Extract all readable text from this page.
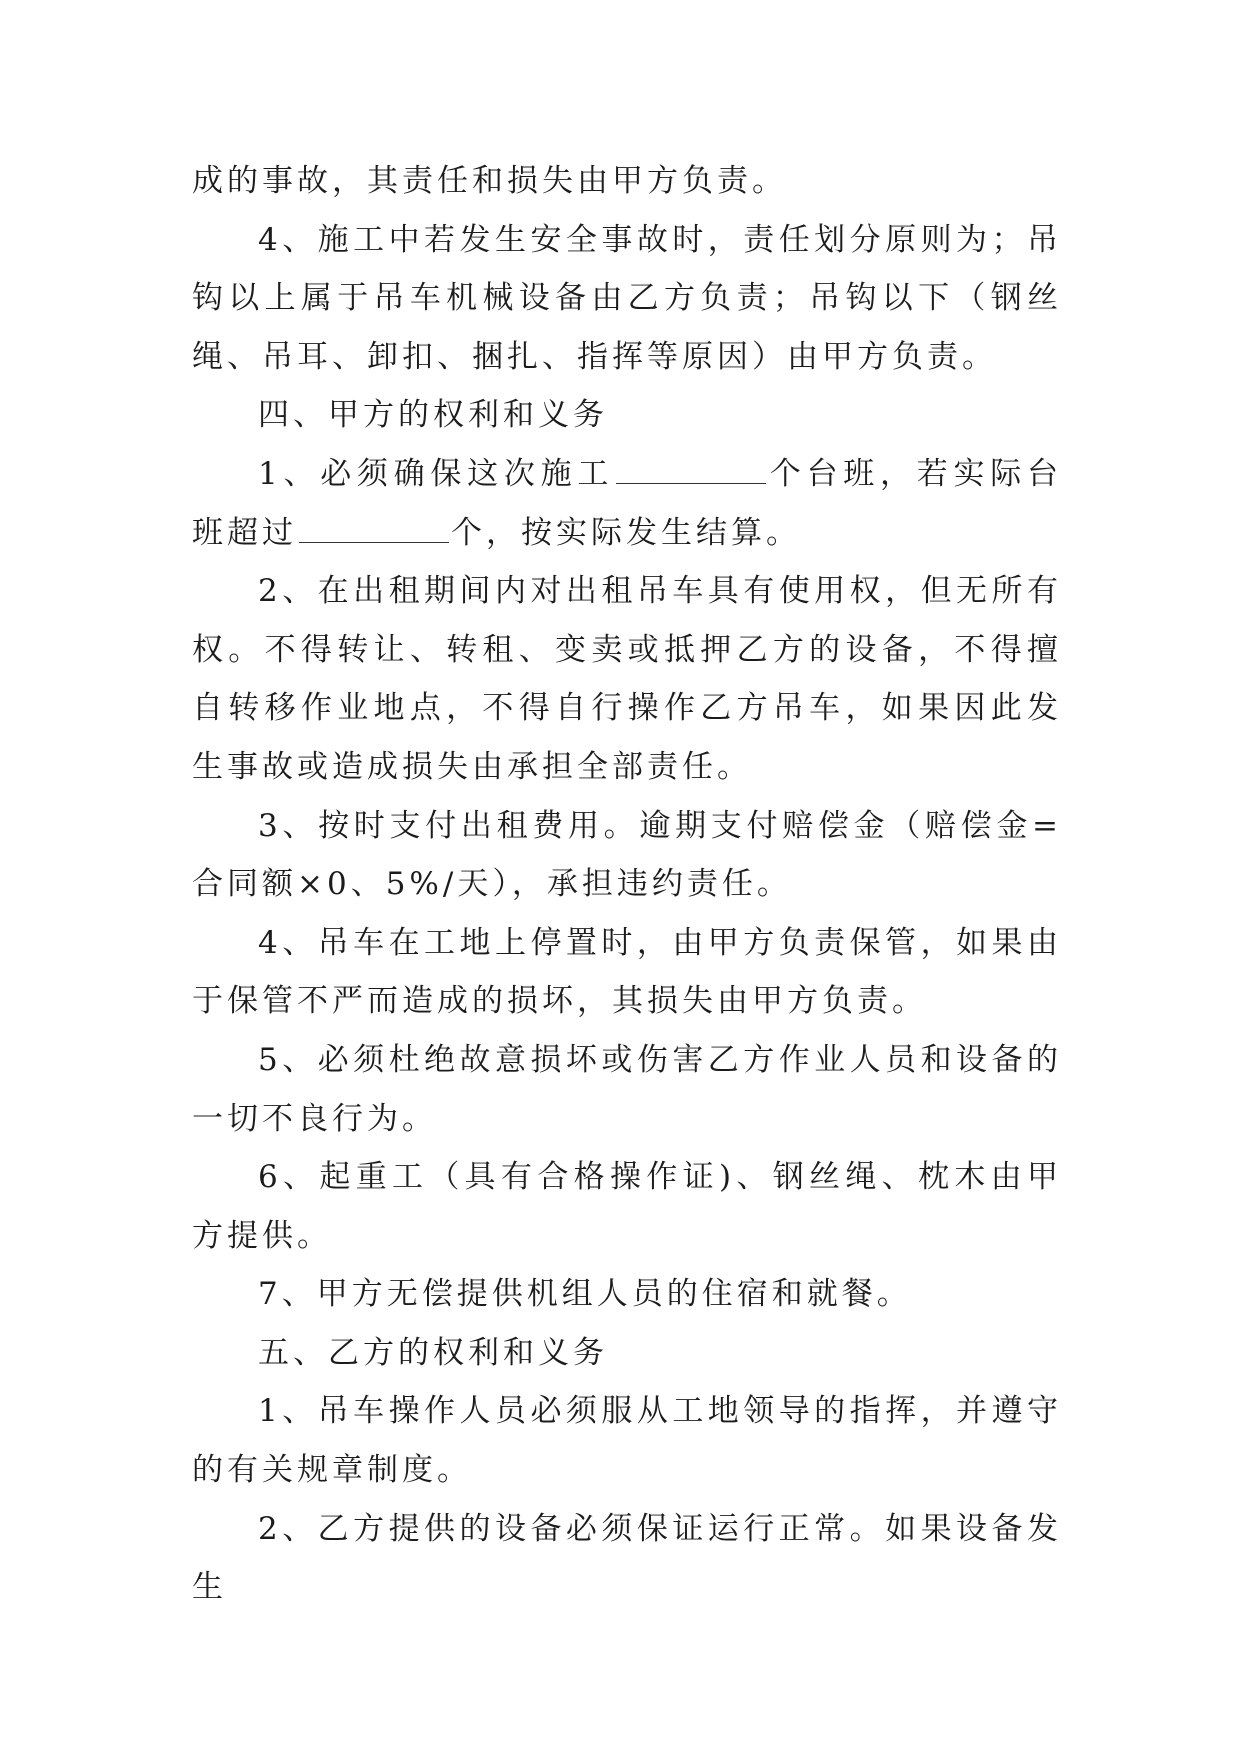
成的事故，其责任和损失由甲方负责。

4、施工中若发生安全事故时，责任划分原则为；吊钩以上属于吊车机械设备由乙方负责；吊钩以下（钢丝绳、吊耳、卸扣、捆扎、指挥等原因）由甲方负责。

四、甲方的权利和义务

1、必须确保这次施工	个台班，若实际台班超过	个，按实际发生结算。

2、在出租期间内对出租吊车具有使用权，但无所有权。不得转让、转租、变卖或抵押乙方的设备，不得擅自转移作业地点，不得自行操作乙方吊车，如果因此发生事故或造成损失由承担全部责任。

3、按时支付出租费用。逾期支付赔偿金（赔偿金=合同额×0、5%/天），承担违约责任。

4、吊车在工地上停置时，由甲方负责保管，如果由于保管不严而造成的损坏，其损失由甲方负责。

5、必须杜绝故意损坏或伤害乙方作业人员和设备的一切不良行为。

6、起重工（具有合格操作证)、钢丝绳、枕木由甲方提供。

7、甲方无偿提供机组人员的住宿和就餐。

五、乙方的权利和义务

1、吊车操作人员必须服从工地领导的指挥，并遵守的有关规章制度。

2、乙方提供的设备必须保证运行正常。如果设备发生
